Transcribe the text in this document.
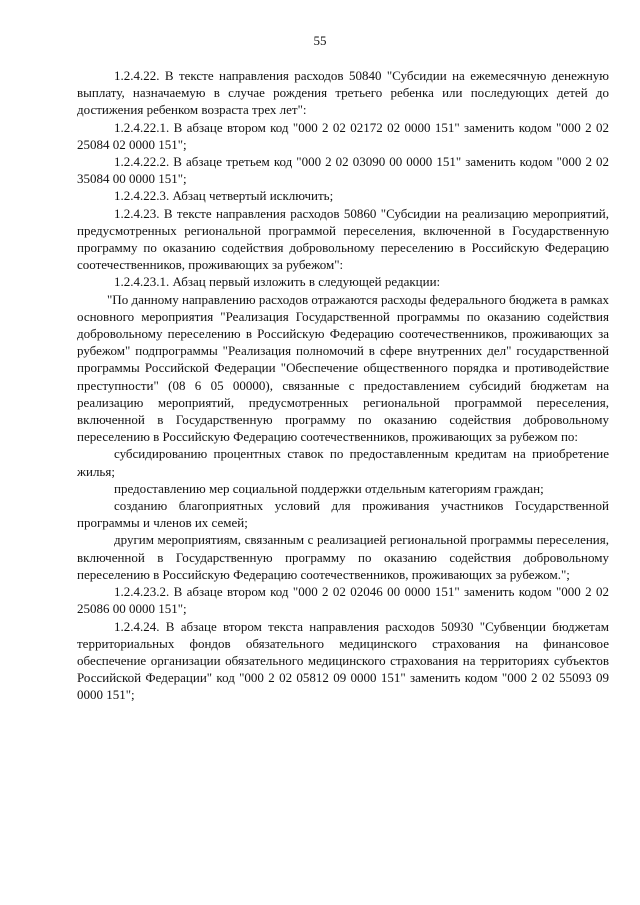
55

1.2.4.22. В тексте направления расходов 50840 "Субсидии на ежемесячную денежную выплату, назначаемую в случае рождения третьего ребенка или последующих детей до достижения ребенком возраста трех лет":

1.2.4.22.1. В абзаце втором код "000 2 02 02172 02 0000 151" заменить кодом "000 2 02 25084 02 0000 151";

1.2.4.22.2. В абзаце третьем код "000 2 02 03090 00 0000 151" заменить кодом "000 2 02 35084 00 0000 151";

1.2.4.22.3. Абзац четвертый исключить;

1.2.4.23. В тексте направления расходов 50860 "Субсидии на реализацию мероприятий, предусмотренных региональной программой переселения, включенной в Государственную программу по оказанию содействия добровольному переселению в Российскую Федерацию соотечественников, проживающих за рубежом":

1.2.4.23.1. Абзац первый изложить в следующей редакции:

"По данному направлению расходов отражаются расходы федерального бюджета в рамках основного мероприятия "Реализация Государственной программы по оказанию содействия добровольному переселению в Российскую Федерацию соотечественников, проживающих за рубежом" подпрограммы "Реализация полномочий в сфере внутренних дел" государственной программы Российской Федерации "Обеспечение общественного порядка и противодействие преступности" (08 6 05 00000), связанные с предоставлением субсидий бюджетам на реализацию мероприятий, предусмотренных региональной программой переселения, включенной в Государственную программу по оказанию содействия добровольному переселению в Российскую Федерацию соотечественников, проживающих за рубежом по:

субсидированию процентных ставок по предоставленным кредитам на приобретение жилья;

предоставлению мер социальной поддержки отдельным категориям граждан;

созданию благоприятных условий для проживания участников Государственной программы и членов их семей;

другим мероприятиям, связанным с реализацией региональной программы переселения, включенной в Государственную программу по оказанию содействия добровольному переселению в Российскую Федерацию соотечественников, проживающих за рубежом.";

1.2.4.23.2. В абзаце втором код "000 2 02 02046 00 0000 151" заменить кодом "000 2 02 25086 00 0000 151";

1.2.4.24. В абзаце втором текста направления расходов 50930 "Субвенции бюджетам территориальных фондов обязательного медицинского страхования на финансовое обеспечение организации обязательного медицинского страхования на территориях субъектов Российской Федерации" код "000 2 02 05812 09 0000 151" заменить кодом "000 2 02 55093 09 0000 151";
